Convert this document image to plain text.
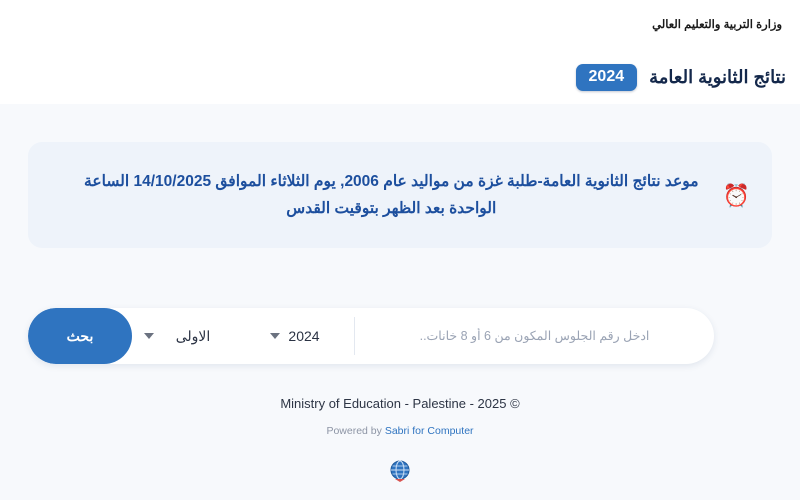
وزارة التربية والتعليم العالي
نتائج الثانوية العامة
2024
⏰
موعد نتائج الثانوية العامة-طلبة غزة من مواليد عام 2006, يوم الثلاثاء الموافق 14/10/2025 الساعة الواحدة بعد الظهر بتوقيت القدس
ادخل رقم الجلوس المكون من 6 أو 8 خانات..
2024
الاولى
بحث
Ministry of Education - Palestine - 2025 ©
Powered by Sabri for Computer
